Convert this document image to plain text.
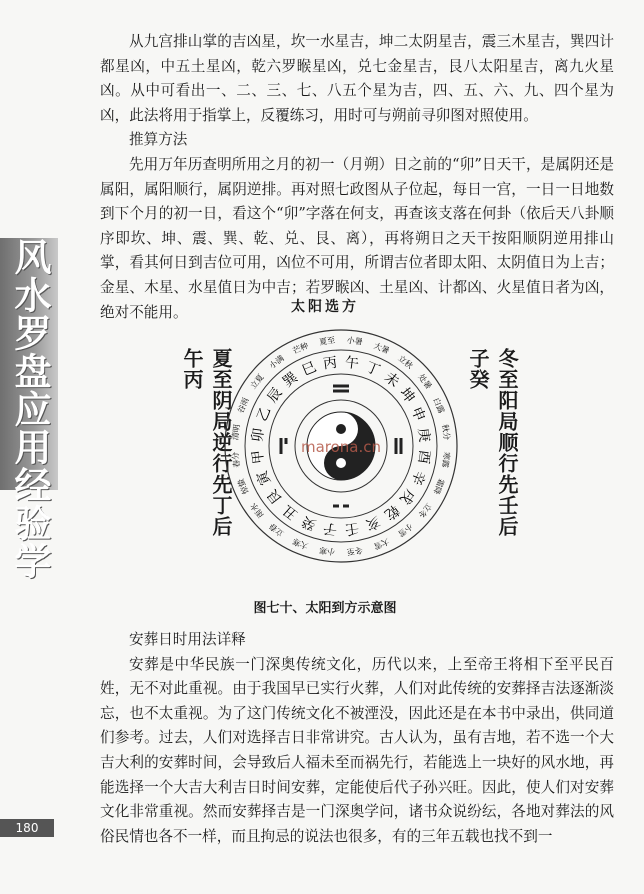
风水罗盘应用经验学

从九宫排山掌的吉凶星，坎一水星吉，坤二太阴星吉，震三木星吉，巽四计都星凶，中五土星凶，乾六罗睺星凶，兑七金星吉，艮八太阳星吉，离九火星凶。从中可看出一、二、三、七、八五个星为吉，四、五、六、九、四个星为凶，此法将用于指掌上，反覆练习，用时可与朔前寻卯图对照使用。

推算方法

先用万年历查明所用之月的初一（月朔）日之前的“卯”日天干，是属阴还是属阳，属阳顺行，属阴逆排。再对照七政图从子位起，每日一宫，一日一日地数到下个月的初一日，看这个“卯”字落在何支，再查该支落在何卦（依后天八卦顺序即坎、坤、震、巽、乾、兑、艮、离），再将朔日之天干按阳顺阴逆用排山掌，看其何日到吉位可用，凶位不可用，所谓吉位者即太阳、太阴值日为上吉；金星、木星、水星值日为中吉；若罗睺凶、土星凶、计都凶、火星值日者为凶，绝对不能用。	太阳选方
夏至阴局逆行先丁后午丙	冬至阳局顺行先壬后子癸
夏至 小暑 大暑
立秋
处暑
白露
秋分
寒露
霜降
立冬
小雪
大雪
冬至
小寒
大寒
立春
雨水
惊蛰
春分
清明
谷雨
立夏
小满
芒种
丙 午 丁
未
坤
申
庚
酉
辛
戌
乾
亥
壬
子
癸
丑
艮
寅
甲
卯
乙
辰
巽
巳
marona.cn
图七十、太阳到方示意图

安葬日时用法详释

安葬是中华民族一门深奥传统文化，历代以来，上至帝王将相下至平民百姓，无不对此重视。由于我国早已实行火葬，人们对此传统的安葬择吉法逐渐淡忘，也不太重视。为了这门传统文化不被湮没，因此还是在本书中录出，供同道们参考。过去，人们对选择吉日非常讲究。古人认为，虽有吉地，若不选一个大吉大利的安葬时间，会导致后人福未至而祸先行，若能选上一块好的风水地，再能选择一个大吉大利吉日时间安葬，定能使后代子孙兴旺。因此，使人们对安葬文化非常重视。然而安葬择吉是一门深奥学问，诸书众说纷纭，各地对葬法的风俗民情也各不一样，而且拘忌的说法也很多，有的三年五载也找不到一

180
